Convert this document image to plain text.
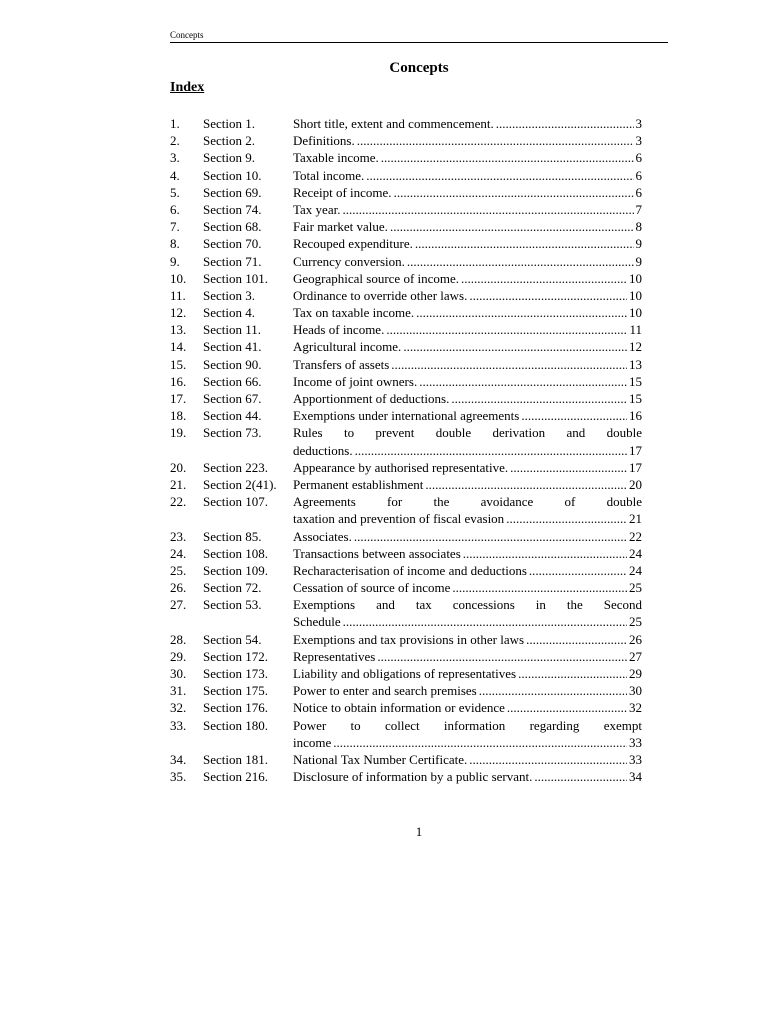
Concepts
Concepts
Index
1. Section 1.	Short title, extent and commencement. .....	3
2. Section 2.	Definitions. .....	3
3. Section 9.	Taxable income. .....	6
4. Section 10. Total income. .....	6
5. Section 69. Receipt of income. .....	6
6. Section 74. Tax year. .....	7
7. Section 68. Fair market value. .....	8
8. Section 70. Recouped expenditure. .....	9
9. Section 71. Currency conversion. .....	9
10. Section 101. Geographical source of income. .....	10
11. Section 3.	Ordinance to override other laws. .....	10
12. Section 4.	Tax on taxable income. .....	10
13. Section 11. Heads of income. .....	11
14. Section 41. Agricultural income. .....	12
15. Section 90. Transfers of assets .....	13
16. Section 66. Income of joint owners. .....	15
17. Section 67. Apportionment of deductions. .....	15
18. Section 44. Exemptions under international agreements .....	16
19. Section 73. Rules to prevent double derivation and double
deductions. .....	17
20. Section 223. Appearance by authorised representative. .....	17
21. Section 2(41). Permanent establishment .....	20
22. Section 107. Agreements for the avoidance of double
taxation and prevention of fiscal evasion .....	21
23. Section 85. Associates. .....	22
24. Section 108. Transactions between associates .....	24
25. Section 109. Recharacterisation of income and deductions .....	24
26. Section 72. Cessation of source of income .....	25
27. Section 53. Exemptions and tax concessions in the Second
Schedule .....	25
28. Section 54. Exemptions and tax provisions in other laws .....	26
29. Section 172. Representatives .....	27
30. Section 173. Liability and obligations of representatives .....	29
31. Section 175. Power to enter and search premises .....	30
32. Section 176. Notice to obtain information or evidence .....	32
33. Section 180. Power to collect information regarding exempt
income .....	33
34. Section 181. National Tax Number Certificate. .....	33
35. Section 216. Disclosure of information by a public servant. .....	34
1
